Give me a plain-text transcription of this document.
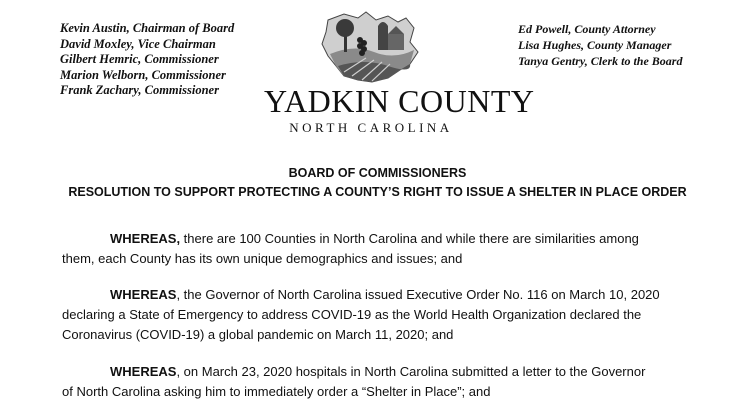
Kevin Austin, Chairman of Board
David Moxley, Vice Chairman
Gilbert Hemric, Commissioner
Marion Welborn, Commissioner
Frank Zachary, Commissioner	YADKIN COUNTY
NORTH CAROLINA
Ed Powell, County Attorney
Lisa Hughes, County Manager
Tanya Gentry, Clerk to the Board
BOARD OF COMMISSIONERS
RESOLUTION TO SUPPORT PROTECTING A COUNTY’S RIGHT TO ISSUE A SHELTER IN PLACE ORDER
WHEREAS, there are 100 Counties in North Carolina and while there are similarities among
them, each County has its own unique demographics and issues; and
WHEREAS, the Governor of North Carolina issued Executive Order No. 116 on March 10, 2020
declaring a State of Emergency to address COVID-19 as the World Health Organization declared the
Coronavirus (COVID-19) a global pandemic on March 11, 2020; and
WHEREAS, on March 23, 2020 hospitals in North Carolina submitted a letter to the Governor
of North Carolina asking him to immediately order a “Shelter in Place”; and
